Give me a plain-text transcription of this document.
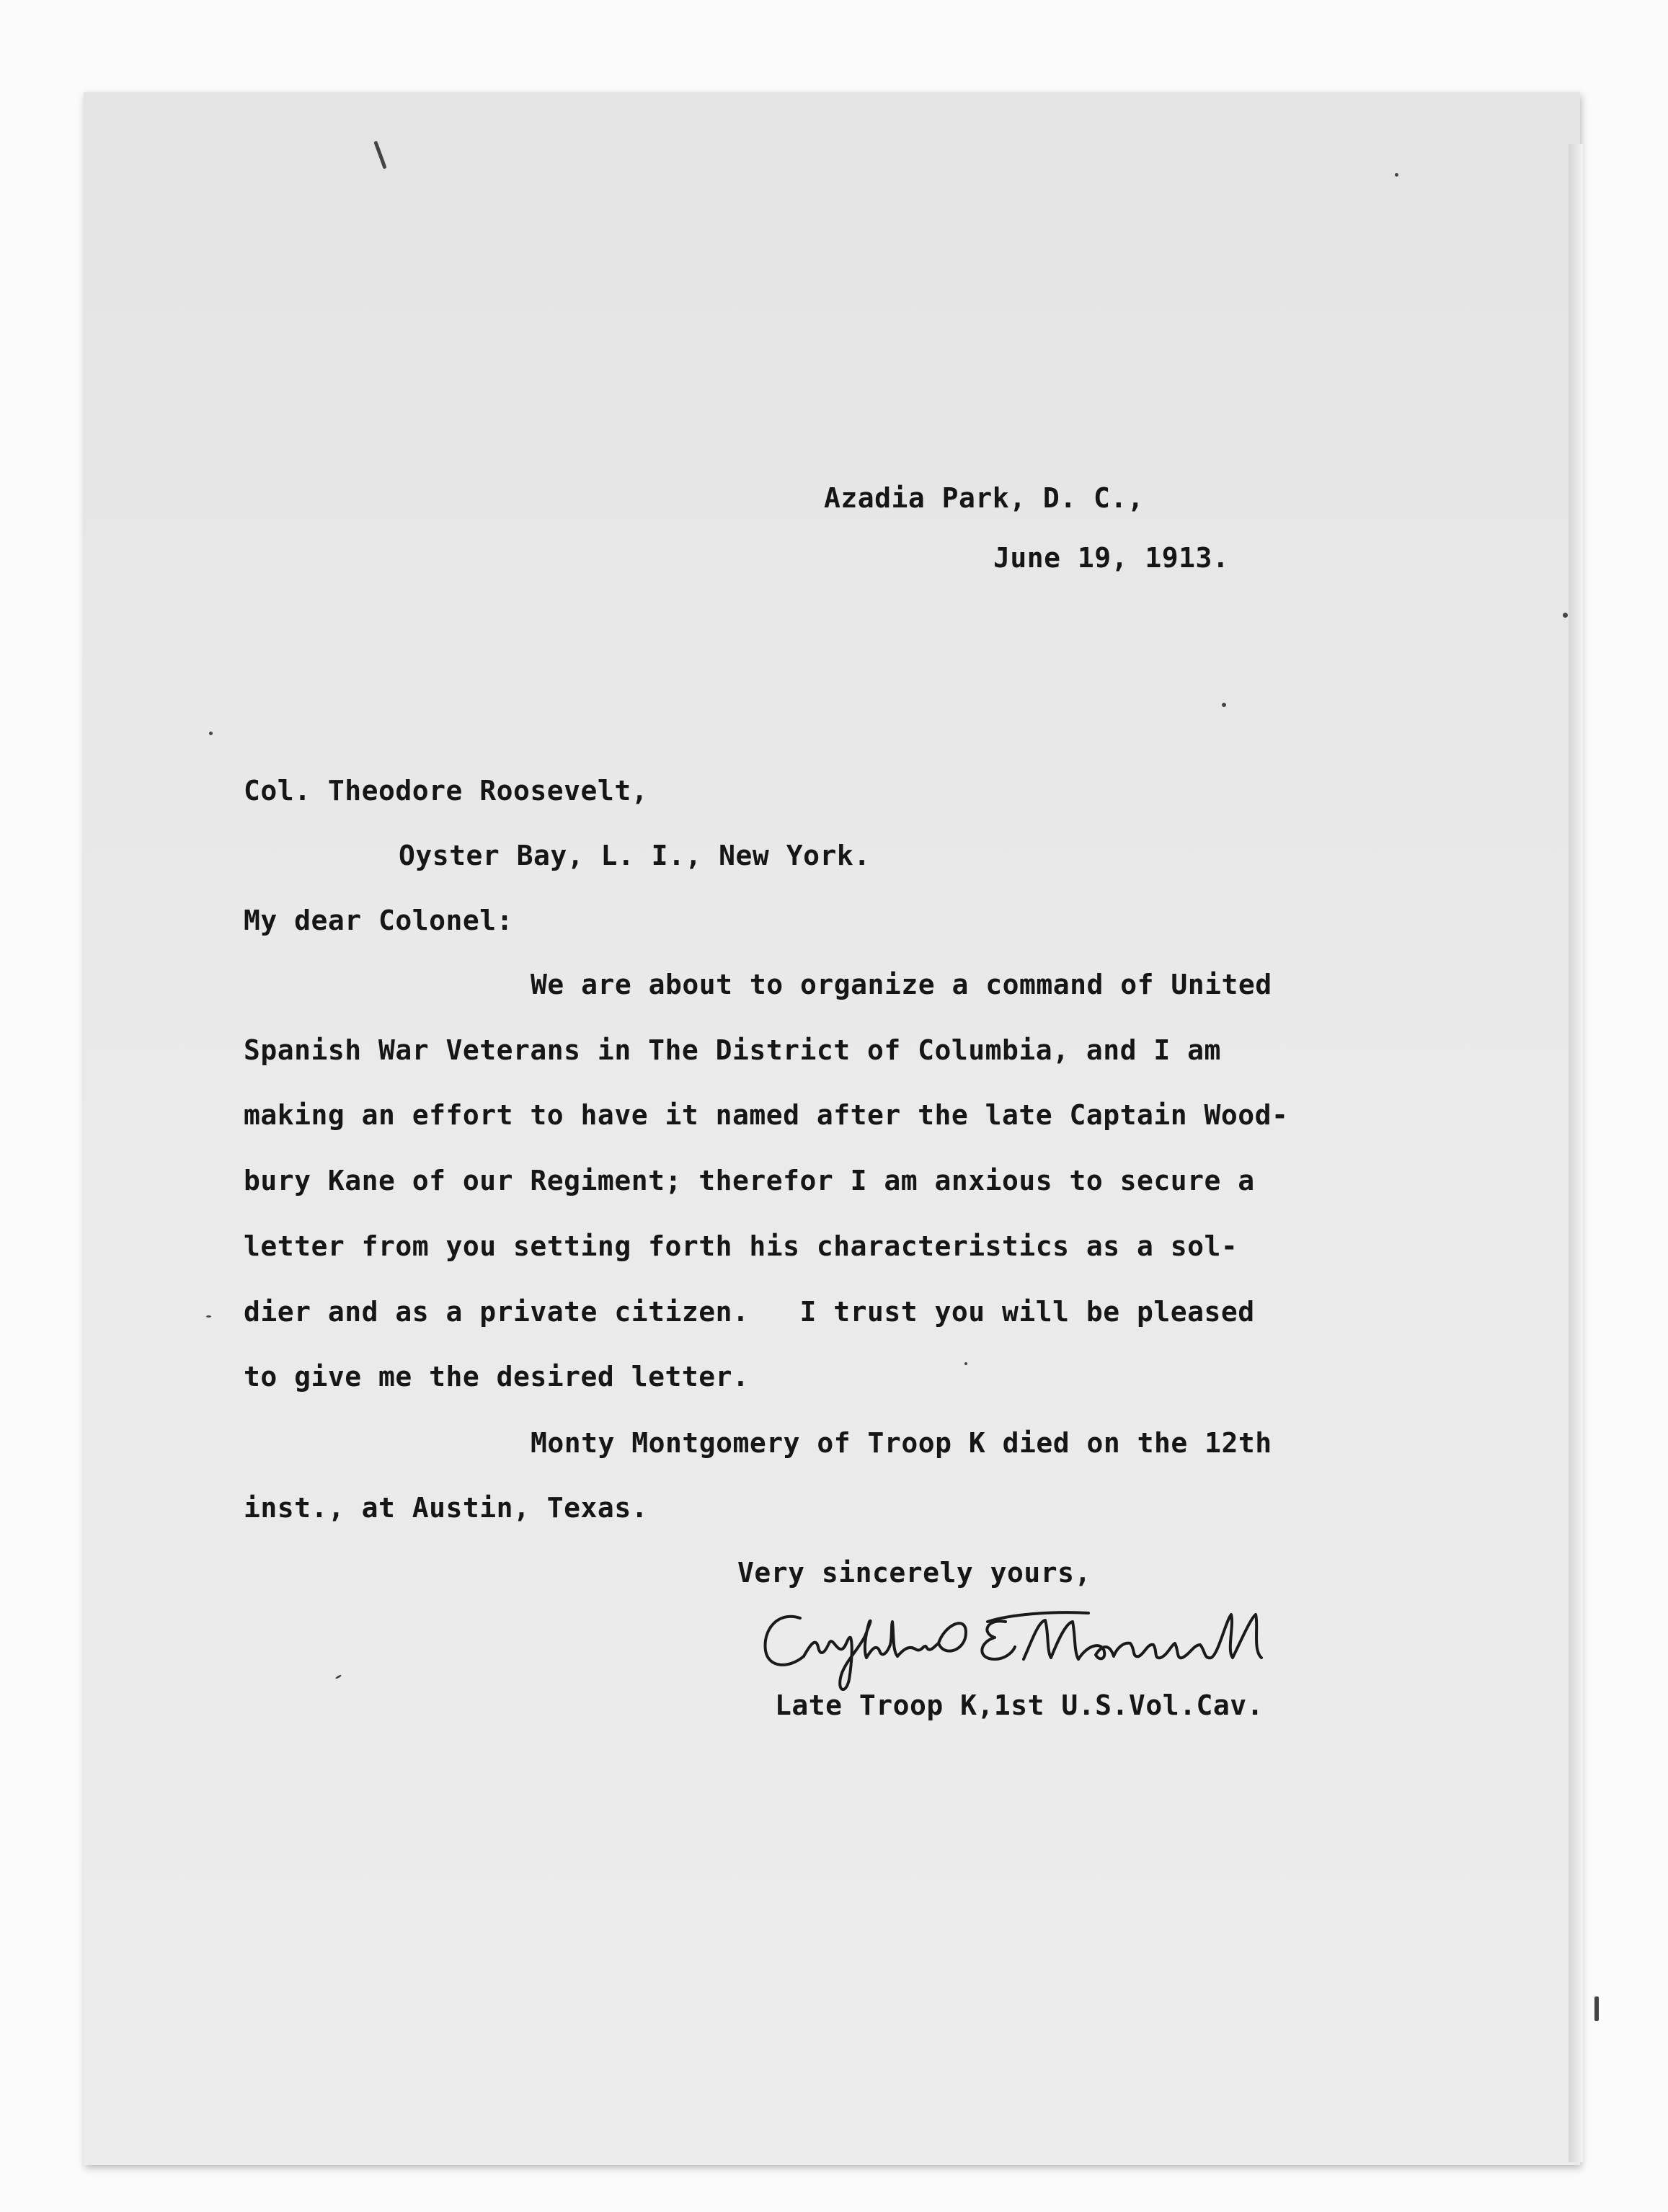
Azadia Park, D. C.,
June 19, 1913.
Col. Theodore Roosevelt,
Oyster Bay, L. I., New York.
My dear Colonel:
We are about to organize a command of United
Spanish War Veterans in The District of Columbia, and I am
making an effort to have it named after the late Captain Wood-
bury Kane of our Regiment; therefor I am anxious to secure a
letter from you setting forth his characteristics as a sol-
dier and as a private citizen.   I trust you will be pleased
to give me the desired letter.
Monty Montgomery of Troop K died on the 12th
inst., at Austin, Texas.
Very sincerely yours,
Late Troop K,1st U.S.Vol.Cav.
